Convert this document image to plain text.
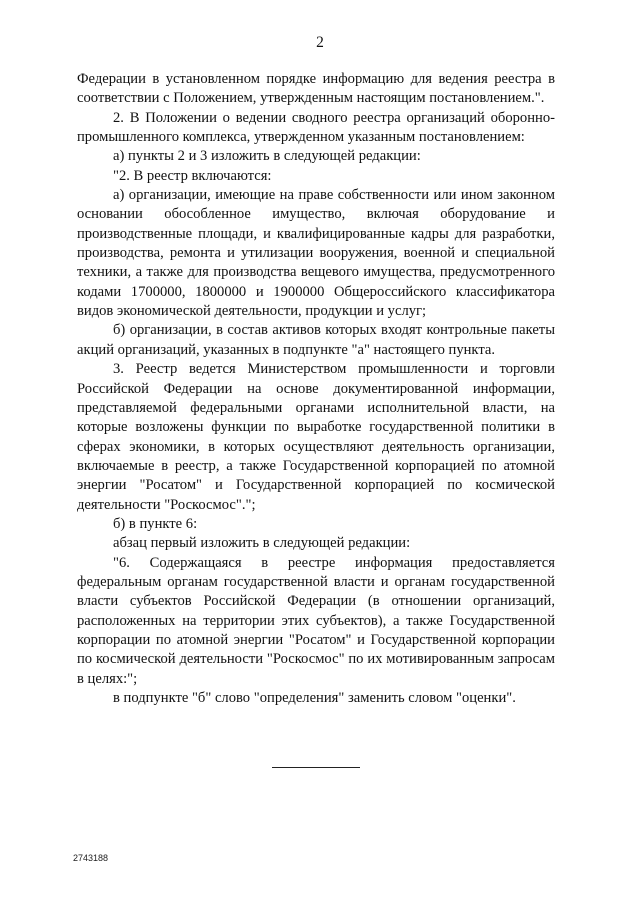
2

Федерации в установленном порядке информацию для ведения реестра в соответствии с Положением, утвержденным настоящим постановлением.".

2. В Положении о ведении сводного реестра организаций оборонно-промышленного комплекса, утвержденном указанным постановлением:

а) пункты 2 и 3 изложить в следующей редакции:

"2. В реестр включаются:

а) организации, имеющие на праве собственности или ином законном основании обособленное имущество, включая оборудование и производственные площади, и квалифицированные кадры для разработки, производства, ремонта и утилизации вооружения, военной и специальной техники, а также для производства вещевого имущества, предусмотренного кодами 1700000, 1800000 и 1900000 Общероссийского классификатора видов экономической деятельности, продукции и услуг;

б) организации, в состав активов которых входят контрольные пакеты акций организаций, указанных в подпункте "а" настоящего пункта.

3. Реестр ведется Министерством промышленности и торговли Российской Федерации на основе документированной информации, представляемой федеральными органами исполнительной власти, на которые возложены функции по выработке государственной политики в сферах экономики, в которых осуществляют деятельность организации, включаемые в реестр, а также Государственной корпорацией по атомной энергии "Росатом" и Государственной корпорацией по космической деятельности "Роскосмос".";

б) в пункте 6:

абзац первый изложить в следующей редакции:

"6. Содержащаяся в реестре информация предоставляется федеральным органам государственной власти и органам государственной власти субъектов Российской Федерации (в отношении организаций, расположенных на территории этих субъектов), а также Государственной корпорации по атомной энергии "Росатом" и Государственной корпорации по космической деятельности "Роскосмос" по их мотивированным запросам в целях:";

в подпункте "б" слово "определения" заменить словом "оценки".

2743188
